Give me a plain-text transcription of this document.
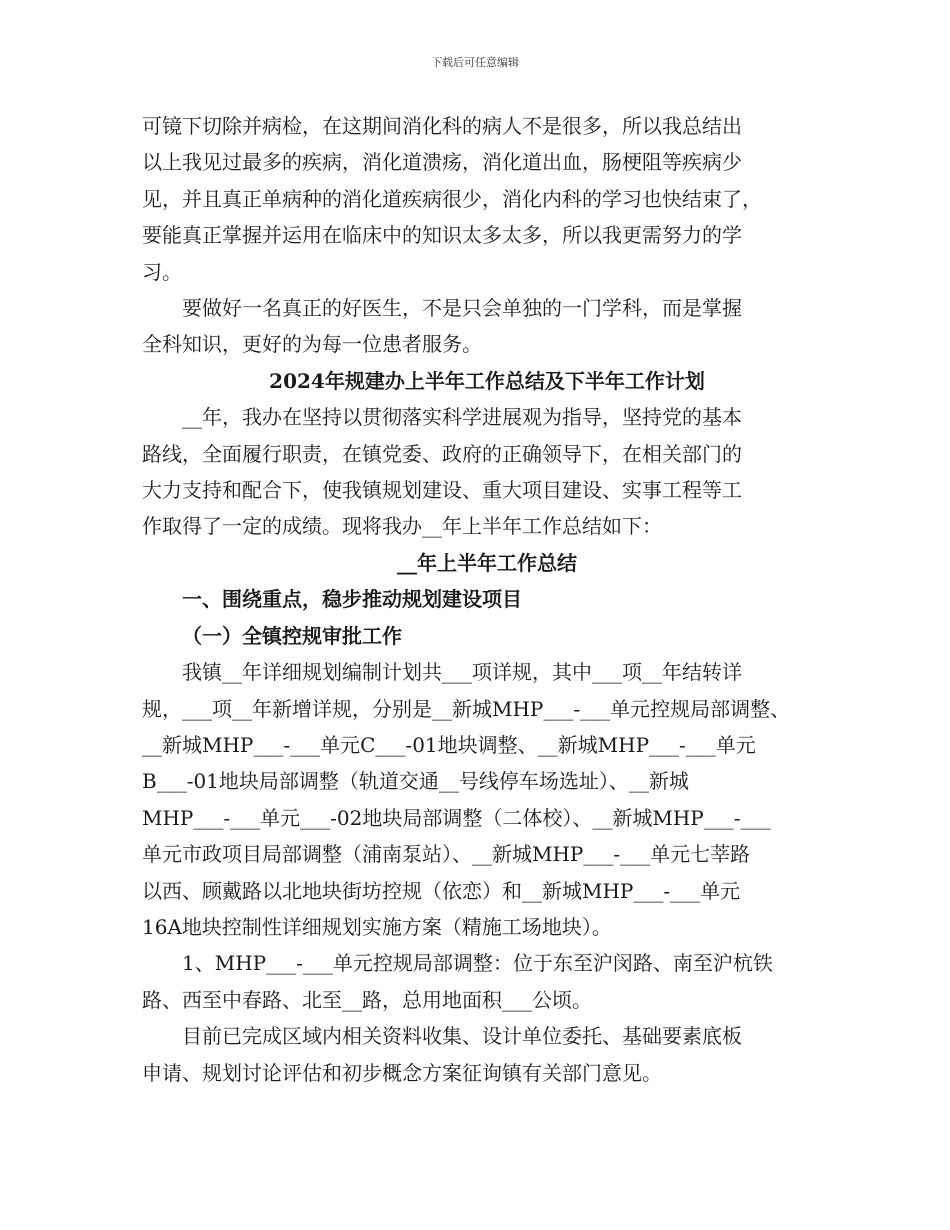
下载后可任意编辑

可镜下切除并病检，在这期间消化科的病人不是很多，所以我总结出

以上我见过最多的疾病，消化道溃疡，消化道出血，肠梗阻等疾病少

见，并且真正单病种的消化道疾病很少，消化内科的学习也快结束了，

要能真正掌握并运用在临床中的知识太多太多，所以我更需努力的学

习。

要做好一名真正的好医生，不是只会单独的一门学科，而是掌握

全科知识，更好的为每一位患者服务。

2024年规建办上半年工作总结及下半年工作计划

__年，我办在坚持以贯彻落实科学进展观为指导，坚持党的基本

路线，全面履行职责，在镇党委、政府的正确领导下，在相关部门的

大力支持和配合下，使我镇规划建设、重大项目建设、实事工程等工

作取得了一定的成绩。现将我办__年上半年工作总结如下：

__年上半年工作总结

一、围绕重点，稳步推动规划建设项目

（一）全镇控规审批工作

我镇__年详细规划编制计划共___项详规，其中___项__年结转详

规，___项__年新增详规，分别是__新城MHP___-___单元控规局部调整、

__新城MHP___-___单元C___-01地块调整、__新城MHP___-___单元

B___-01地块局部调整（轨道交通__号线停车场选址）、__新城

MHP___-___单元___-02地块局部调整（二体校）、__新城MHP___-___

单元市政项目局部调整（浦南泵站）、__新城MHP___-___单元七莘路

以西、顾戴路以北地块街坊控规（依恋）和__新城MHP___-___单元

16A地块控制性详细规划实施方案（精施工场地块）。

1、MHP___-___单元控规局部调整：位于东至沪闵路、南至沪杭铁

路、西至中春路、北至__路，总用地面积___公顷。

目前已完成区域内相关资料收集、设计单位委托、基础要素底板

申请、规划讨论评估和初步概念方案征询镇有关部门意见。
